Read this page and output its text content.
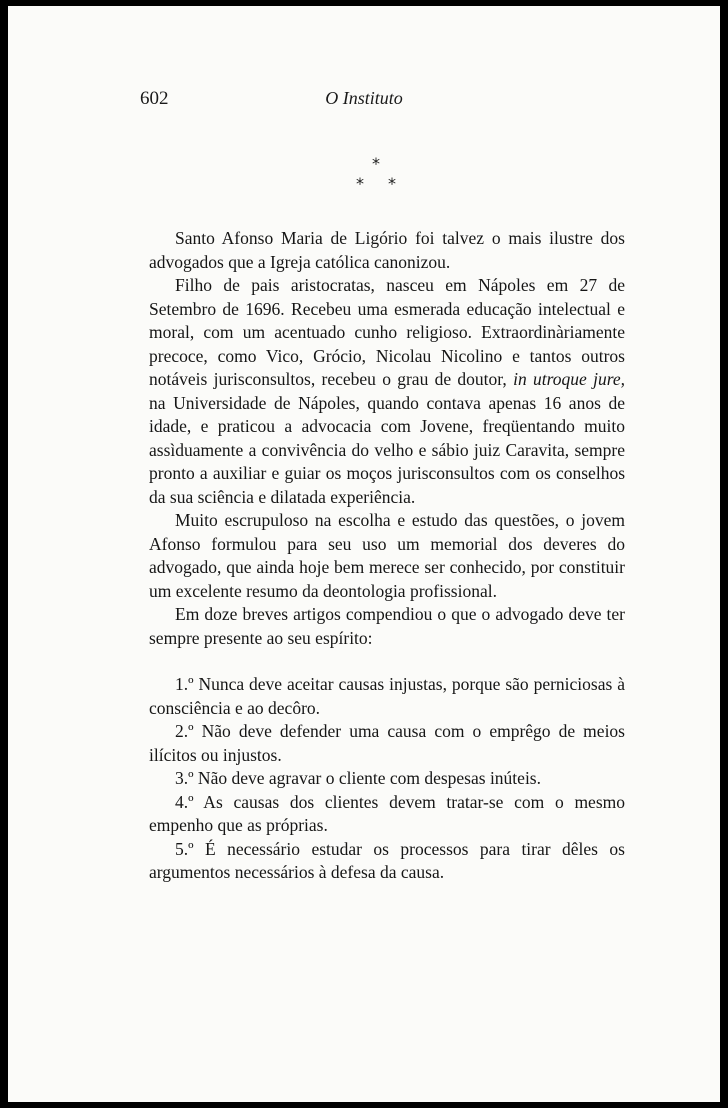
602	O Instituto
*
* *

Santo Afonso Maria de Ligório foi talvez o mais ilustre dos advogados que a Igreja católica canonizou.

Filho de pais aristocratas, nasceu em Nápoles em 27 de Setembro de 1696. Recebeu uma esmerada educação intelectual e moral, com um acentuado cunho religioso. Extraordinàriamente precoce, como Vico, Grócio, Nicolau Nicolino e tantos outros notáveis jurisconsultos, recebeu o grau de doutor, in utroque jure, na Universidade de Nápoles, quando contava apenas 16 anos de idade, e praticou a advocacia com Jovene, freqüentando muito assìduamente a convivência do velho e sábio juiz Caravita, sempre pronto a auxiliar e guiar os moços jurisconsultos com os conselhos da sua sciência e dilatada experiência.

Muito escrupuloso na escolha e estudo das questões, o jovem Afonso formulou para seu uso um memorial dos deveres do advogado, que ainda hoje bem merece ser conhecido, por constituir um excelente resumo da deontologia profissional.

Em doze breves artigos compendiou o que o advogado deve ter sempre presente ao seu espírito:

1.º Nunca deve aceitar causas injustas, porque são perniciosas à consciência e ao decôro.

2.º Não deve defender uma causa com o emprêgo de meios ilícitos ou injustos.

3.º Não deve agravar o cliente com despesas inúteis.

4.º As causas dos clientes devem tratar-se com o mesmo empenho que as próprias.

5.º É necessário estudar os processos para tirar dêles os argumentos necessários à defesa da causa.
